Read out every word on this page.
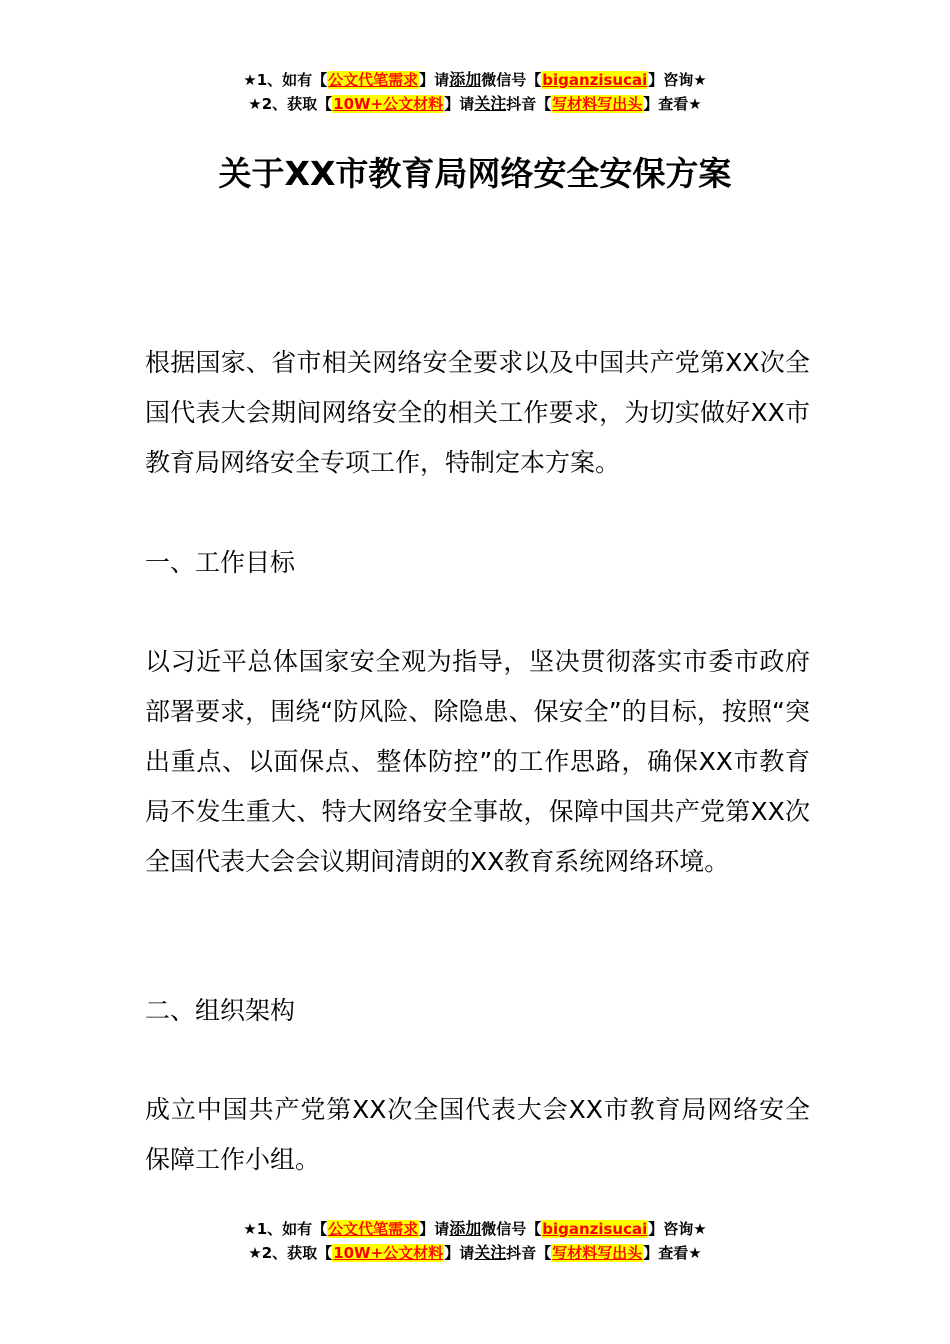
★1、如有【公文代笔需求】请添加微信号【biganzisucai】咨询★
★2、获取【10W+公文材料】请关注抖音【写材料写出头】查看★
关于XX市教育局网络安全安保方案

根据国家、省市相关网络安全要求以及中国共产党第XX次全国代表大会期间网络安全的相关工作要求，为切实做好XX市教育局网络安全专项工作，特制定本方案。

一、工作目标

以习近平总体国家安全观为指导，坚决贯彻落实市委市政府部署要求，围绕“防风险、除隐患、保安全”的目标，按照“突出重点、以面保点、整体防控”的工作思路，确保XX市教育局不发生重大、特大网络安全事故，保障中国共产党第XX次全国代表大会会议期间清朗的XX教育系统网络环境。

二、组织架构

成立中国共产党第XX次全国代表大会XX市教育局网络安全保障工作小组。

★1、如有【公文代笔需求】请添加微信号【biganzisucai】咨询★
★2、获取【10W+公文材料】请关注抖音【写材料写出头】查看★
